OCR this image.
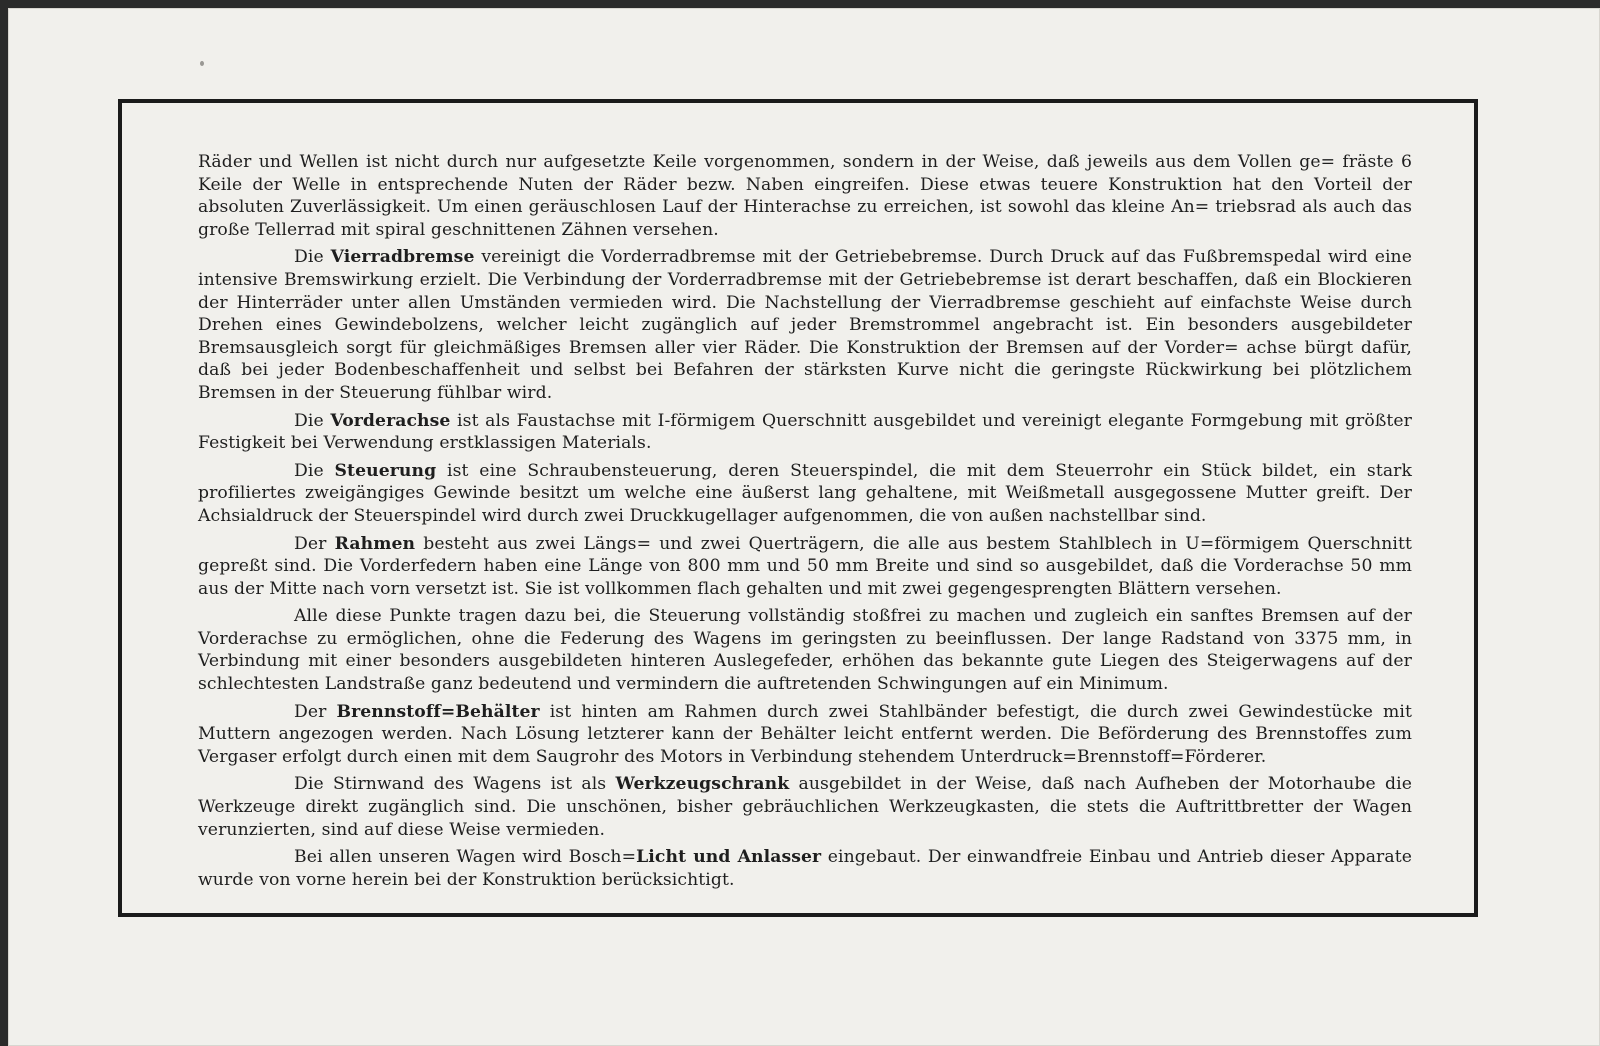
Räder und Wellen ist nicht durch nur aufgesetzte Keile vorgenommen, sondern in der Weise, daß jeweils aus dem Vollen ge= fräste 6 Keile der Welle in entsprechende Nuten der Räder bezw. Naben eingreifen. Diese etwas teuere Konstruktion hat den Vorteil der absoluten Zuverlässigkeit. Um einen geräuschlosen Lauf der Hinterachse zu erreichen, ist sowohl das kleine An= triebsrad als auch das große Tellerrad mit spiral geschnittenen Zähnen versehen.

Die Vierradbremse vereinigt die Vorderradbremse mit der Getriebebremse. Durch Druck auf das Fußbremspedal wird eine intensive Bremswirkung erzielt. Die Verbindung der Vorderradbremse mit der Getriebebremse ist derart beschaffen, daß ein Blockieren der Hinterräder unter allen Umständen vermieden wird. Die Nachstellung der Vierradbremse geschieht auf einfachste Weise durch Drehen eines Gewindebolzens, welcher leicht zugänglich auf jeder Bremstrommel angebracht ist. Ein besonders ausgebildeter Bremsausgleich sorgt für gleichmäßiges Bremsen aller vier Räder. Die Konstruktion der Bremsen auf der Vorder= achse bürgt dafür, daß bei jeder Bodenbeschaffenheit und selbst bei Befahren der stärksten Kurve nicht die geringste Rückwirkung bei plötzlichem Bremsen in der Steuerung fühlbar wird.

Die Vorderachse ist als Faustachse mit I-förmigem Querschnitt ausgebildet und vereinigt elegante Formgebung mit größter Festigkeit bei Verwendung erstklassigen Materials.

Die Steuerung ist eine Schraubensteuerung, deren Steuerspindel, die mit dem Steuerrohr ein Stück bildet, ein stark profiliertes zweigängiges Gewinde besitzt um welche eine äußerst lang gehaltene, mit Weißmetall ausgegossene Mutter greift. Der Achsialdruck der Steuerspindel wird durch zwei Druckkugellager aufgenommen, die von außen nachstellbar sind.

Der Rahmen besteht aus zwei Längs= und zwei Querträgern, die alle aus bestem Stahlblech in U=förmigem Querschnitt gepreßt sind. Die Vorderfedern haben eine Länge von 800 mm und 50 mm Breite und sind so ausgebildet, daß die Vorderachse 50 mm aus der Mitte nach vorn versetzt ist. Sie ist vollkommen flach gehalten und mit zwei gegengesprengten Blättern versehen.

Alle diese Punkte tragen dazu bei, die Steuerung vollständig stoßfrei zu machen und zugleich ein sanftes Bremsen auf der Vorderachse zu ermöglichen, ohne die Federung des Wagens im geringsten zu beeinflussen. Der lange Radstand von 3375 mm, in Verbindung mit einer besonders ausgebildeten hinteren Auslegefeder, erhöhen das bekannte gute Liegen des Steigerwagens auf der schlechtesten Landstraße ganz bedeutend und vermindern die auftretenden Schwingungen auf ein Minimum.

Der Brennstoff=Behälter ist hinten am Rahmen durch zwei Stahlbänder befestigt, die durch zwei Gewindestücke mit Muttern angezogen werden. Nach Lösung letzterer kann der Behälter leicht entfernt werden. Die Beförderung des Brennstoffes zum Vergaser erfolgt durch einen mit dem Saugrohr des Motors in Verbindung stehendem Unterdruck=Brennstoff=Förderer.

Die Stirnwand des Wagens ist als Werkzeugschrank ausgebildet in der Weise, daß nach Aufheben der Motorhaube die Werkzeuge direkt zugänglich sind. Die unschönen, bisher gebräuchlichen Werkzeugkasten, die stets die Auftrittbretter der Wagen verunzierten, sind auf diese Weise vermieden.

Bei allen unseren Wagen wird Bosch=Licht und Anlasser eingebaut. Der einwandfreie Einbau und Antrieb dieser Apparate wurde von vorne herein bei der Konstruktion berücksichtigt.
